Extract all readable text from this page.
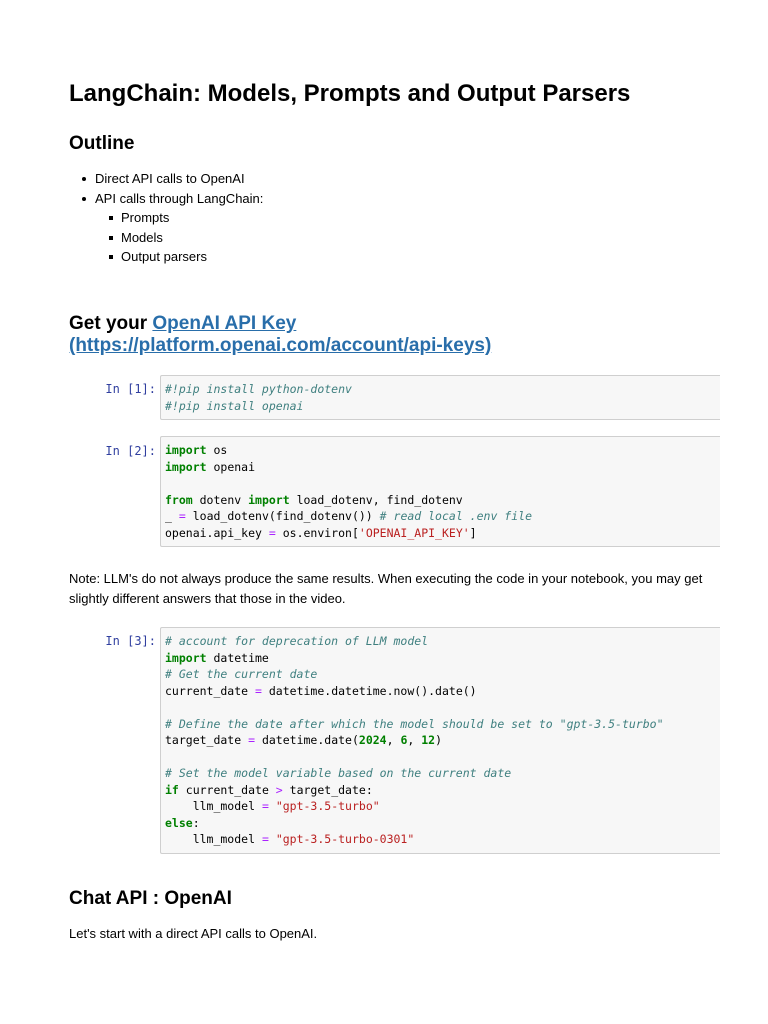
LangChain: Models, Prompts and Output Parsers
Outline
Direct API calls to OpenAI
API calls through LangChain:
Prompts
Models
Output parsers
Get your OpenAI API Key
(https://platform.openai.com/account/api-keys)
In [1]: #!pip install python-dotenv
#!pip install openai
In [2]: import os
import openai
from dotenv import load_dotenv, find_dotenv
_ = load_dotenv(find_dotenv()) # read local .env file
openai.api_key = os.environ['OPENAI_API_KEY']

Note: LLM's do not always produce the same results. When executing the code in your notebook, you may get slightly different answers that those in the video.

In [3]: # account for deprecation of LLM model
import datetime
# Get the current date
current_date = datetime.datetime.now().date()
# Define the date after which the model should be set to "gpt-3.5-turbo"
target_date = datetime.date(2024, 6, 12)
# Set the model variable based on the current date
if current_date > target_date:
llm_model = "gpt-3.5-turbo"
else:
llm_model = "gpt-3.5-turbo-0301"
Chat API : OpenAI

Let's start with a direct API calls to OpenAI.
